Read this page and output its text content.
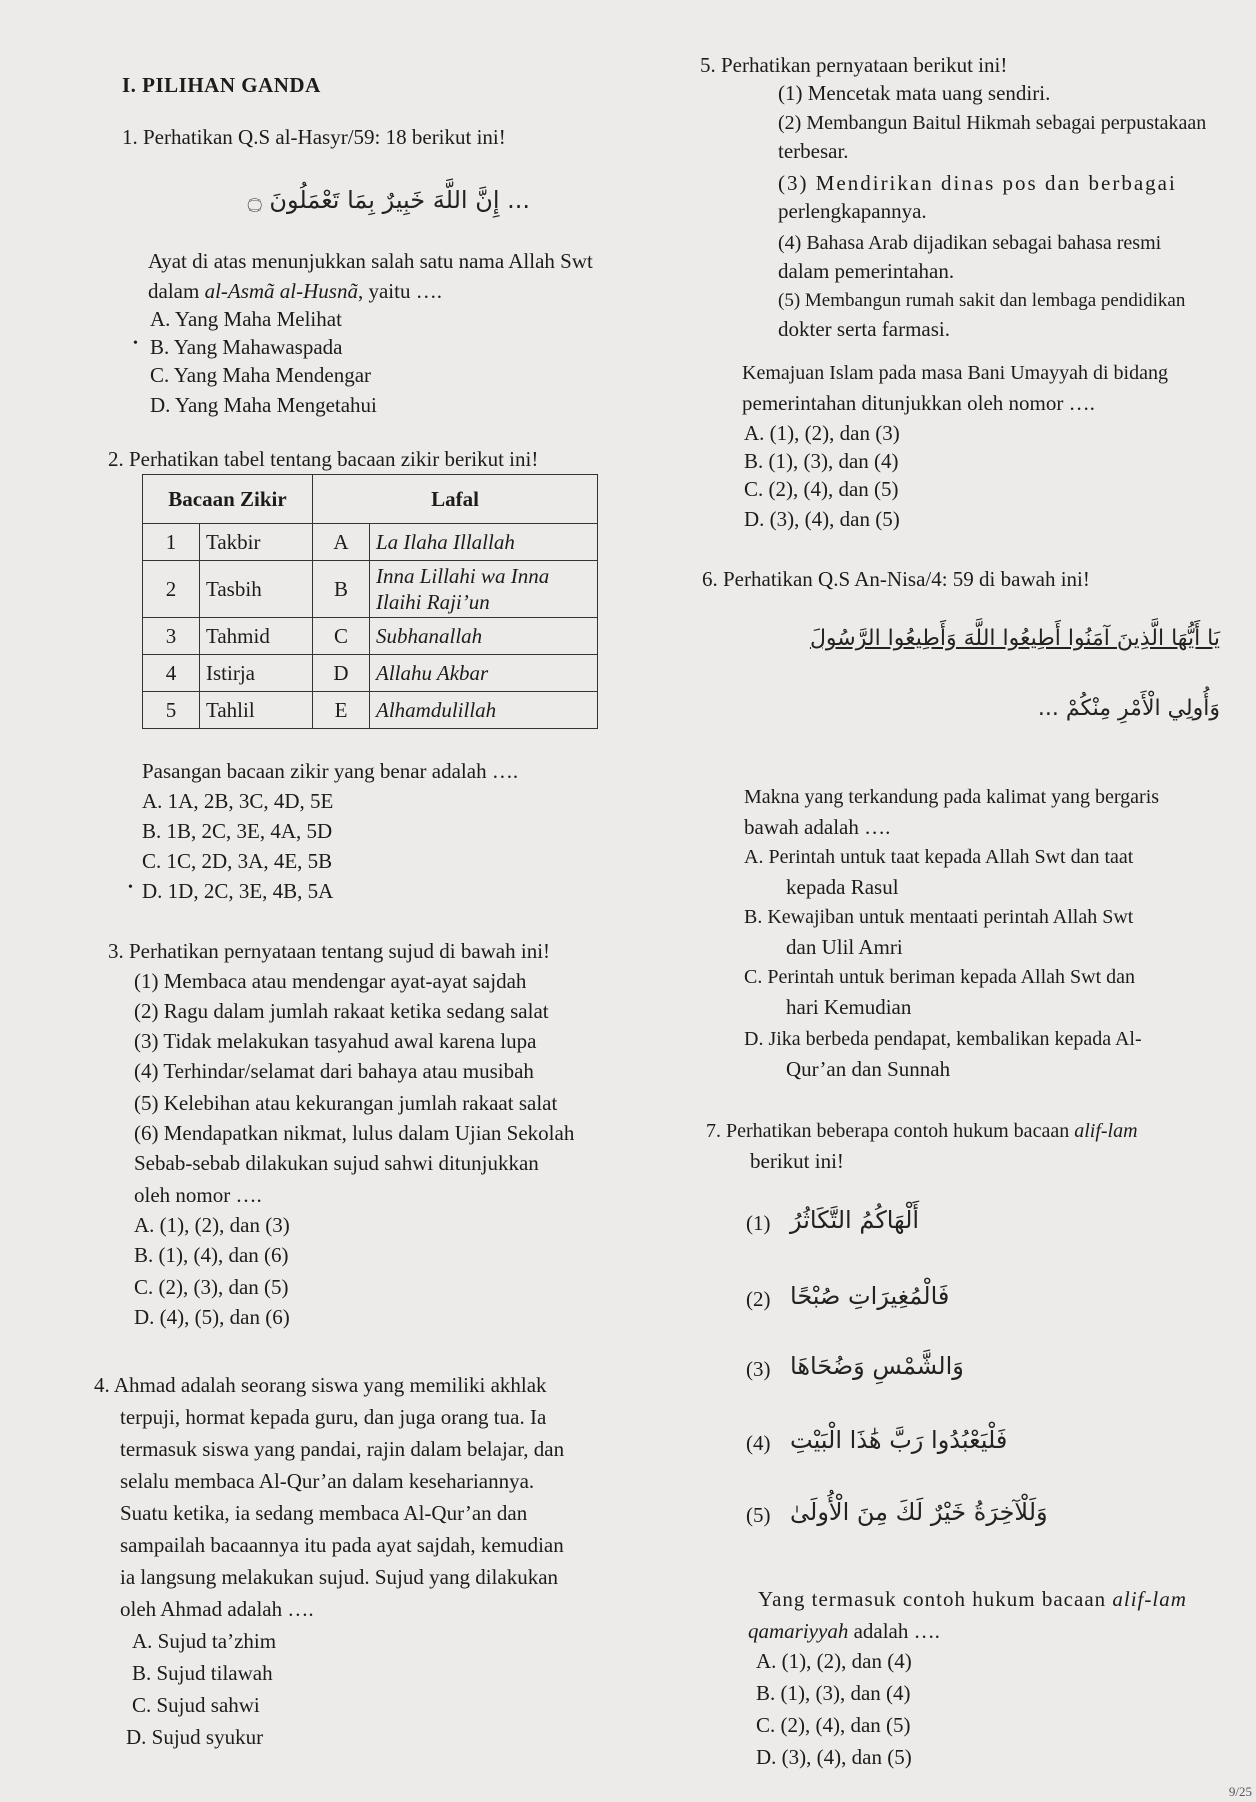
I. PILIHAN GANDA
1. Perhatikan Q.S al-Hasyr/59: 18 berikut ini!
... إِنَّ اللَّهَ خَبِيرٌ بِمَا تَعْمَلُونَ ۝
Ayat di atas menunjukkan salah satu nama Allah Swt
dalam al-Asmã al-Husnã, yaitu ….
A. Yang Maha Melihat
• B. Yang Mahawaspada
C. Yang Maha Mendengar
D. Yang Maha Mengetahui
2. Perhatikan tabel tentang bacaan zikir berikut ini!
Bacaan Zikir		Lafal	
1	Takbir	A	La Ilaha Illallah
2	Tasbih	B	Inna Lillahi wa Inna Ilaihi Raji’un
3	Tahmid	C	Subhanallah
4	Istirja	D	Allahu Akbar
5	Tahlil	E	Alhamdulillah
Pasangan bacaan zikir yang benar adalah ….
A. 1A, 2B, 3C, 4D, 5E
B. 1B, 2C, 3E, 4A, 5D
C. 1C, 2D, 3A, 4E, 5B
• D. 1D, 2C, 3E, 4B, 5A
3. Perhatikan pernyataan tentang sujud di bawah ini!
(1) Membaca atau mendengar ayat-ayat sajdah
(2) Ragu dalam jumlah rakaat ketika sedang salat
(3) Tidak melakukan tasyahud awal karena lupa
(4) Terhindar/selamat dari bahaya atau musibah
(5) Kelebihan atau kekurangan jumlah rakaat salat
(6) Mendapatkan nikmat, lulus dalam Ujian Sekolah
Sebab-sebab dilakukan sujud sahwi ditunjukkan
oleh nomor ….
A. (1), (2), dan (3)
B. (1), (4), dan (6)
C. (2), (3), dan (5)
D. (4), (5), dan (6)
4. Ahmad adalah seorang siswa yang memiliki akhlak
terpuji, hormat kepada guru, dan juga orang tua. Ia
termasuk siswa yang pandai, rajin dalam belajar, dan
selalu membaca Al-Qur’an dalam kesehariannya.
Suatu ketika, ia sedang membaca Al-Qur’an dan
sampailah bacaannya itu pada ayat sajdah, kemudian
ia langsung melakukan sujud. Sujud yang dilakukan
oleh Ahmad adalah ….
A. Sujud ta’zhim
B. Sujud tilawah
C. Sujud sahwi
D. Sujud syukur
5. Perhatikan pernyataan berikut ini!
(1) Mencetak mata uang sendiri.
(2) Membangun Baitul Hikmah sebagai perpustakaan
terbesar.
(3) Mendirikan dinas pos dan berbagai
perlengkapannya.
(4) Bahasa Arab dijadikan sebagai bahasa resmi
dalam pemerintahan.
(5) Membangun rumah sakit dan lembaga pendidikan
dokter serta farmasi.
Kemajuan Islam pada masa Bani Umayyah di bidang
pemerintahan ditunjukkan oleh nomor ….
A. (1), (2), dan (3)
B. (1), (3), dan (4)
C. (2), (4), dan (5)
D. (3), (4), dan (5)
6. Perhatikan Q.S An-Nisa/4: 59 di bawah ini!
يَا أَيُّهَا الَّذِينَ آمَنُوا أَطِيعُوا اللَّهَ وَأَطِيعُوا الرَّسُولَ
وَأُولِي الْأَمْرِ مِنْكُمْ ...
Makna yang terkandung pada kalimat yang bergaris
bawah adalah ….
A. Perintah untuk taat kepada Allah Swt dan taat
kepada Rasul
B. Kewajiban untuk mentaati perintah Allah Swt
dan Ulil Amri
C. Perintah untuk beriman kepada Allah Swt dan
hari Kemudian
D. Jika berbeda pendapat, kembalikan kepada Al-
Qur’an dan Sunnah
7. Perhatikan beberapa contoh hukum bacaan alif-lam
berikut ini!
(1) أَلْهَاكُمُ التَّكَاثُرُ
(2) فَالْمُغِيرَاتِ صُبْحًا
(3) وَالشَّمْسِ وَضُحَاهَا
(4) فَلْيَعْبُدُوا رَبَّ هَٰذَا الْبَيْتِ
(5) وَلَلْآخِرَةُ خَيْرٌ لَكَ مِنَ الْأُولَىٰ
Yang termasuk contoh hukum bacaan alif-lam
qamariyyah adalah ….
A. (1), (2), dan (4)
B. (1), (3), dan (4)
C. (2), (4), dan (5)
D. (3), (4), dan (5)
9/25
